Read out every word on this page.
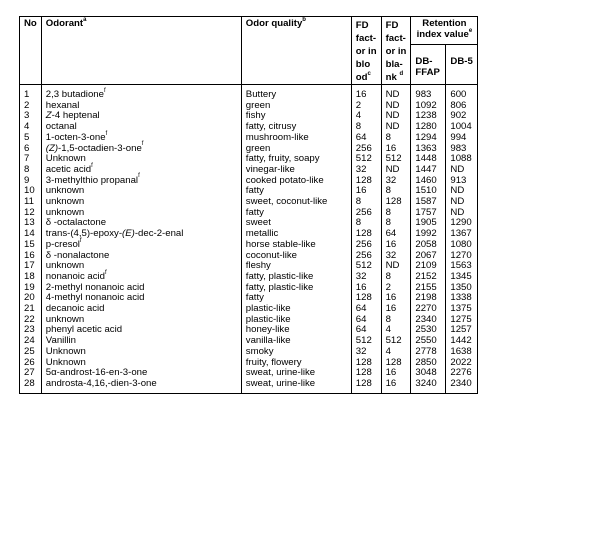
No	Odorant$^a$	Odor quality$^b$	FD
fact-
or in
blo
$od^c$	FD
fact-
or in
bla-
nk $^d$	Retention
index value$^e$
					DB-
FFAP	DB-5
1	2,3 butadione$^f$	Buttery	16	ND	983	600
2	hexanal	green	2	ND	1092	806
3	Z-4 heptenal	fishy	4	ND	1238	902
4	octanal	fatty, citrusy	8	ND	1280	1004
5	1-octen-3-one$^f$	mushroom-like	64	8	1294	994
6	(Z)-1,5-octadien-3-one$^f$	green	256	16	1363	983
7	Unknown	fatty, fruity, soapy	512	512	1448	1088
8	acetic acid$^f$	vinegar-like	32	ND	1447	ND
9	3-methylthio propanal$^f$	cooked potato-like	128	32	1460	913
10	unknown	fatty	16	8	1510	ND
11	unknown	sweet, coconut-like	8	128	1587	ND
12	unknown	fatty	256	8	1757	ND
13	δ -octalactone	sweet	8	8	1905	1290
14	trans-(4,5)-epoxy-(E)-dec-2-enal	metallic	128	64	1992	1367
15	p-cresol$^f$	horse stable-like	256	16	2058	1080
16	δ -nonalactone	coconut-like	256	32	2067	1270
17	unknown	fleshy	512	ND	2109	1563
18	nonanoic acid$^f$	fatty, plastic-like	32	8	2152	1345
19	2-methyl nonanoic acid	fatty, plastic-like	16	2	2155	1350
20	4-methyl nonanoic acid	fatty	128	16	2198	1338
21	decanoic acid	plastic-like	64	16	2270	1375
22	unknown	plastic-like	64	8	2340	1275
23	phenyl acetic acid	honey-like	64	4	2530	1257
24	Vanillin	vanilla-like	512	512	2550	1442
25	Unknown	smoky	32	4	2778	1638
26	Unknown	fruity, flowery	128	128	2850	2022
27	5α-androst-16-en-3-one	sweat, urine-like	128	16	3048	2276
28	androsta-4,16,-dien-3-one	sweat, urine-like	128	16	3240	2340
